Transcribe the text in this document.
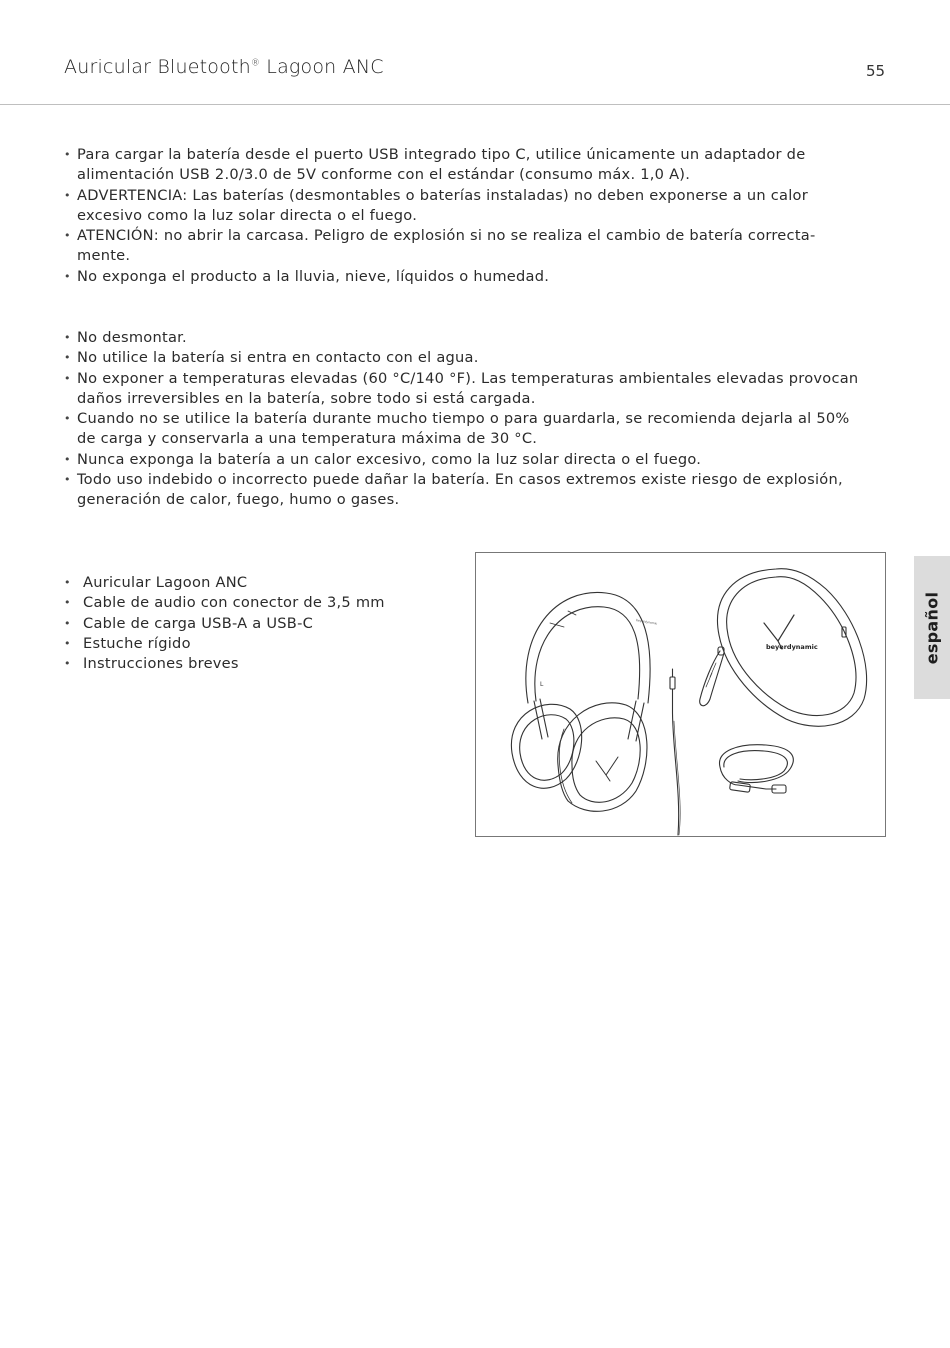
Auricular Bluetooth® Lagoon ANC	55
• Para cargar la batería desde el puerto USB integrado tipo C, utilice únicamente un adaptador de alimentación USB 2.0/3.0 de 5V conforme con el estándar (consumo máx. 1,0 A).
• ADVERTENCIA: Las baterías (desmontables o baterías instaladas) no deben exponerse a un calor excesivo como la luz solar directa o el fuego.
• ATENCIÓN: no abrir la carcasa. Peligro de explosión si no se realiza el cambio de batería correcta-mente.
• No exponga el producto a la lluvia, nieve, líquidos o humedad.
• No desmontar.
• No utilice la batería si entra en contacto con el agua.
• No exponer a temperaturas elevadas (60 °C/140 °F). Las temperaturas ambientales elevadas provocan daños irreversibles en la batería, sobre todo si está cargada.
• Cuando no se utilice la batería durante mucho tiempo o para guardarla, se recomienda dejarla al 50% de carga y conservarla a una temperatura máxima de 30 °C.
• Nunca exponga la batería a un calor excesivo, como la luz solar directa o el fuego.
• Todo uso indebido o incorrecto puede dañar la batería. En casos extremos existe riesgo de explosión, generación de calor, fuego, humo o gases.
• Auricular Lagoon ANC
• Cable de audio con conector de 3,5 mm
• Cable de carga USB-A a USB-C
• Estuche rígido
• Instrucciones breves
beyerdynamic
L
beyerdynamic	español
